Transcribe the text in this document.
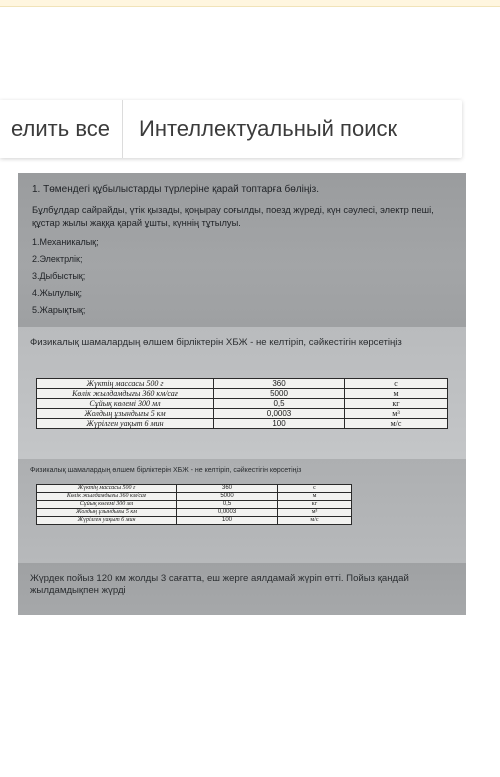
елить все	Интеллектуальный поиск
1. Төмендегі құбылыстарды түрлеріне қарай топтарға бөліңіз.
Бұлбұлдар сайрайды, үтік қызады, қоңырау соғылды, поезд жүреді, күн сәулесі, электр пеші, құстар жылы жаққа қарай ұшты, күннің тұтылуы.
1.Механикалық;
2.Электрлік;
3.Дыбыстық;
4.Жылулық;
5.Жарықтық;
Физикалық шамалардың өлшем бірліктерін ХБЖ - не келтіріп, сәйкестігін көрсетіңіз
Жүктің массасы 500 г	360	с
Көлік жылдамдығы 360 км/сағ	5000	м
Сұйық көлемі 300 мл	0,5	кг
Жолдың ұзындығы 5 км	0,0003	м³
Жүрілген уақыт 6 мин	100	м/с
Физикалық шамалардың өлшем бірліктерін ХБЖ - не келтіріп, сәйкестігін көрсетіңіз
Жүктің массасы 500 г	360	с
Көлік жылдамдығы 360 км/сағ	5000	м
Сұйық көлемі 300 мл	0,5	кг
Жолдың ұзындығы 5 км	0,0003	м³
Жүрілген уақыт 6 мин	100	м/с
Жүрдек пойыз 120 км жолды 3 сағатта, еш жерге аялдамай жүріп өтті. Пойыз қандай жылдамдықпен жүрді
